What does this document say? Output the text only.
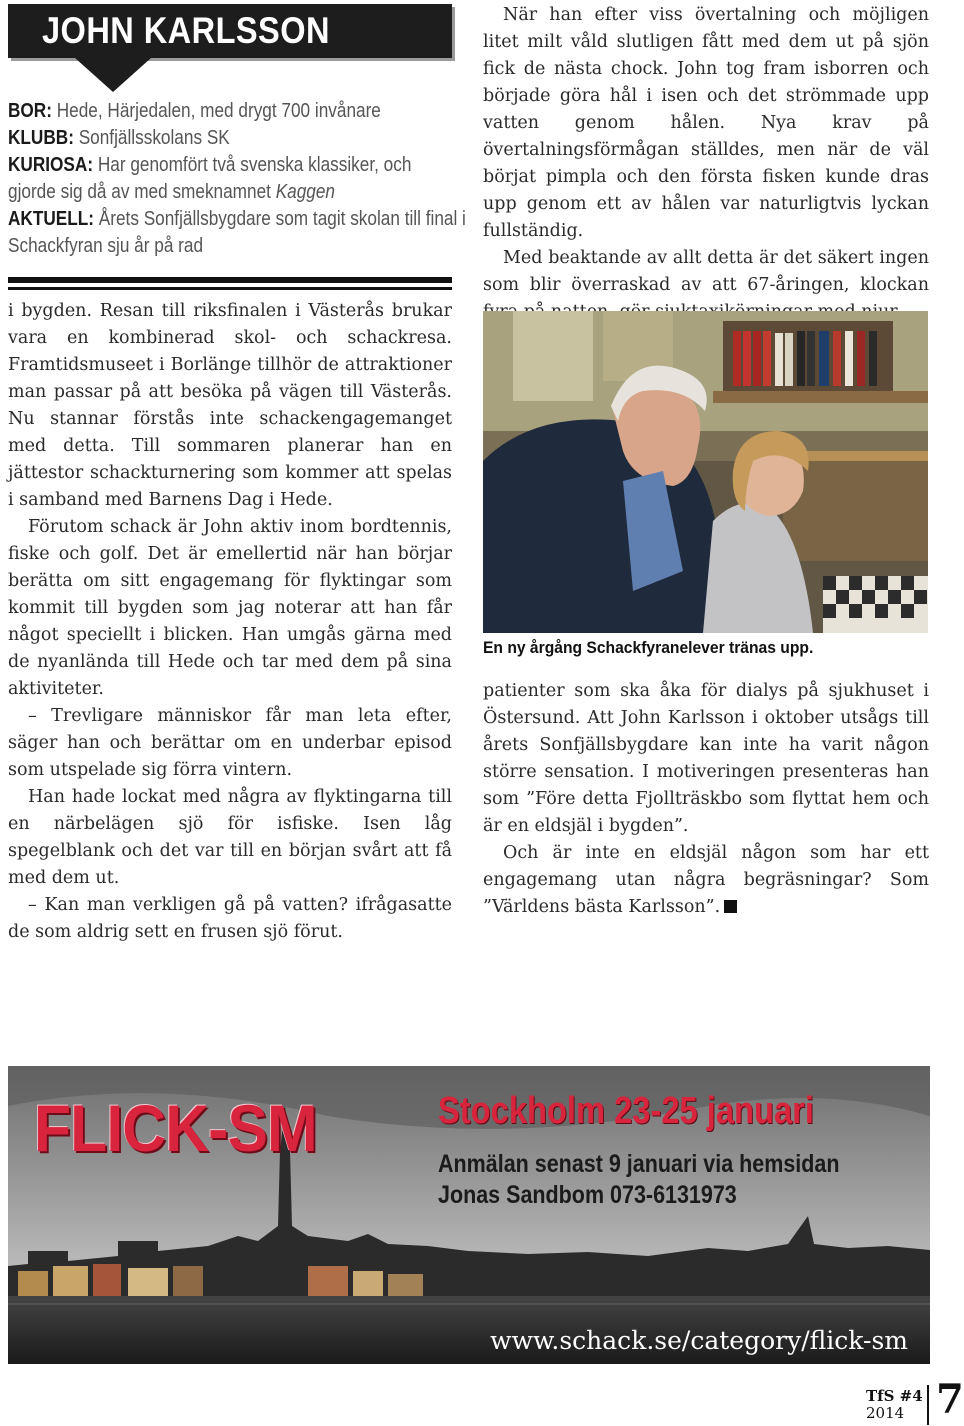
JOHN KARLSSON
BOR: Hede, Härjedalen, med drygt 700 invånare
KLUBB: Sonfjällsskolans SK
KURIOSA: Har genomfört två svenska klassiker, och
gjorde sig då av med smeknamnet Kaggen
AKTUELL: Årets Sonfjällsbygdare som tagit skolan till final i
Schackfyran sju år på rad

i bygden. Resan till riksfinalen i Västerås brukar vara en kombinerad skol- och schackresa. Framtidsmuseet i Borlänge tillhör de attraktioner man passar på att besöka på vägen till Västerås. Nu stannar förstås inte schackengagemanget med detta. Till sommaren planerar han en jättestor schackturnering som kommer att spelas i samband med Barnens Dag i Hede.

Förutom schack är John aktiv inom bordtennis, fiske och golf. Det är emellertid när han börjar berätta om sitt engagemang för flyktingar som kommit till bygden som jag noterar att han får något speciellt i blicken. Han umgås gärna med de nyanlända till Hede och tar med dem på sina aktiviteter.

– Trevligare människor får man leta efter, säger han och berättar om en underbar episod som utspelade sig förra vintern.

Han hade lockat med några av flyktingarna till en närbelägen sjö för isfiske. Isen låg spegelblank och det var till en början svårt att få med dem ut.

– Kan man verkligen gå på vatten? ifrågasatte de som aldrig sett en frusen sjö förut.

När han efter viss övertalning och möjligen litet milt våld slutligen fått med dem ut på sjön fick de nästa chock. John tog fram isborren och började göra hål i isen och det strömmade upp vatten genom hålen. Nya krav på övertalningsförmågan ställdes, men när de väl börjat pimpla och den första fisken kunde dras upp genom ett av hålen var naturligtvis lyckan fullständig.

Med beaktande av allt detta är det säkert ingen som blir överraskad av att 67-åringen, klockan

En ny årgång Schackfyranelever tränas upp.

patienter som ska åka för dialys på sjukhuset i Östersund. Att John Karlsson i oktober utsågs till årets Sonfjällsbygdare kan inte ha varit någon större sensation. I motiveringen presenteras han som ”Före detta Fjollträskbo som flyttat hem och är en eldsjäl i bygden”.

Och är inte en eldsjäl någon som har ett engagemang utan några begräsningar? Som ”Världens bästa Karlsson”.

FLICK-SM	Stockholm 23-25 januari
Anmälan senast 9 januari via hemsidan
Jonas Sandbom 073-6131973
www.schack.se/category/flick-sm
TfS #4
2014 7
